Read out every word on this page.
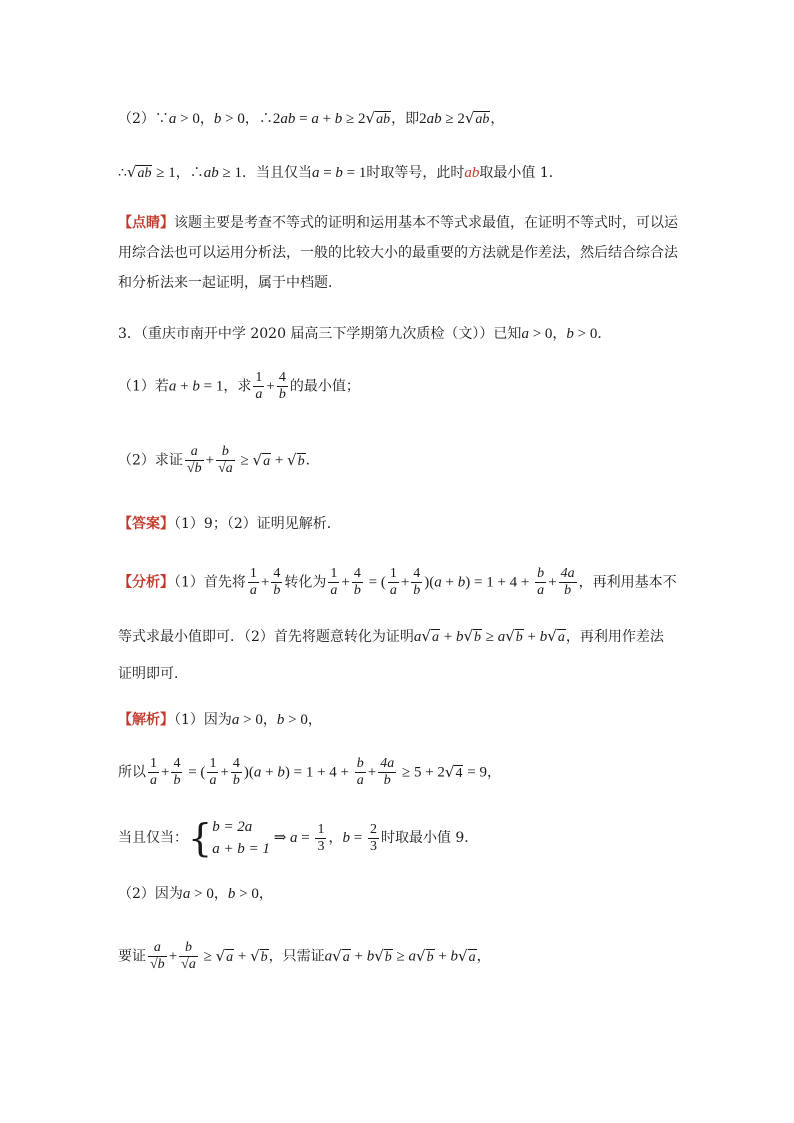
（2）∵a > 0，b > 0，∴2ab = a + b ≥ 2√ab，即2ab ≥ 2√ab，
∴√ab ≥ 1，∴ab ≥ 1．当且仅当a = b = 1时取等号，此时ab取最小值 1．
【点睛】该题主要是考查不等式的证明和运用基本不等式求最值，在证明不等式时，可以运
用综合法也可以运用分析法，一般的比较大小的最重要的方法就是作差法，然后结合综合法
和分析法来一起证明，属于中档题．
3．（重庆市南开中学 2020 届高三下学期第九次质检（文））已知a > 0，b > 0．
（1）若a + b = 1，求 $\frac{1}{a} + \frac{4}{b}$ 的最小值；
（2）求证 $\frac{a}{√b} + \frac{b}{√a} \ge √a + √b$．
【答案】（1）9；（2）证明见解析．
【分析】（1）首先将 $\frac{1}{a} + \frac{4}{b}$ 转化为 $\frac{1}{a} + \frac{4}{b}$ = ( $\frac{1}{a} + \frac{4}{b} )(a + b) = 1 + 4 + \frac{b}{a} + \frac{4a}{b}$ ，再利用基本不
等式求最小值即可．（2）首先将题意转化为证明a√a + b√b ≥ a√b + b√a，再利用作差法
证明即可．
【解析】（1）因为a > 0，b > 0，
所以 $\frac{1}{a} + \frac{4}{b}$ = ( $\frac{1}{a} + \frac{4}{b} )(a + b) = 1 + 4 + \frac{b}{a} + \frac{4a}{b} \ge 5 + 2√4 = 9$，
当且仅当：{ b = 2a
a + b = 1
⇒ $a = \frac{1}{3}$ ，$b = \frac{2}{3}$ 时取最小值 9．
（2）因为a > 0，b > 0，
要证 $\frac{a}{√b} + \frac{b}{√a} \ge √a + √b$，只需证a√a + b√b ≥ a√b + b√a，
